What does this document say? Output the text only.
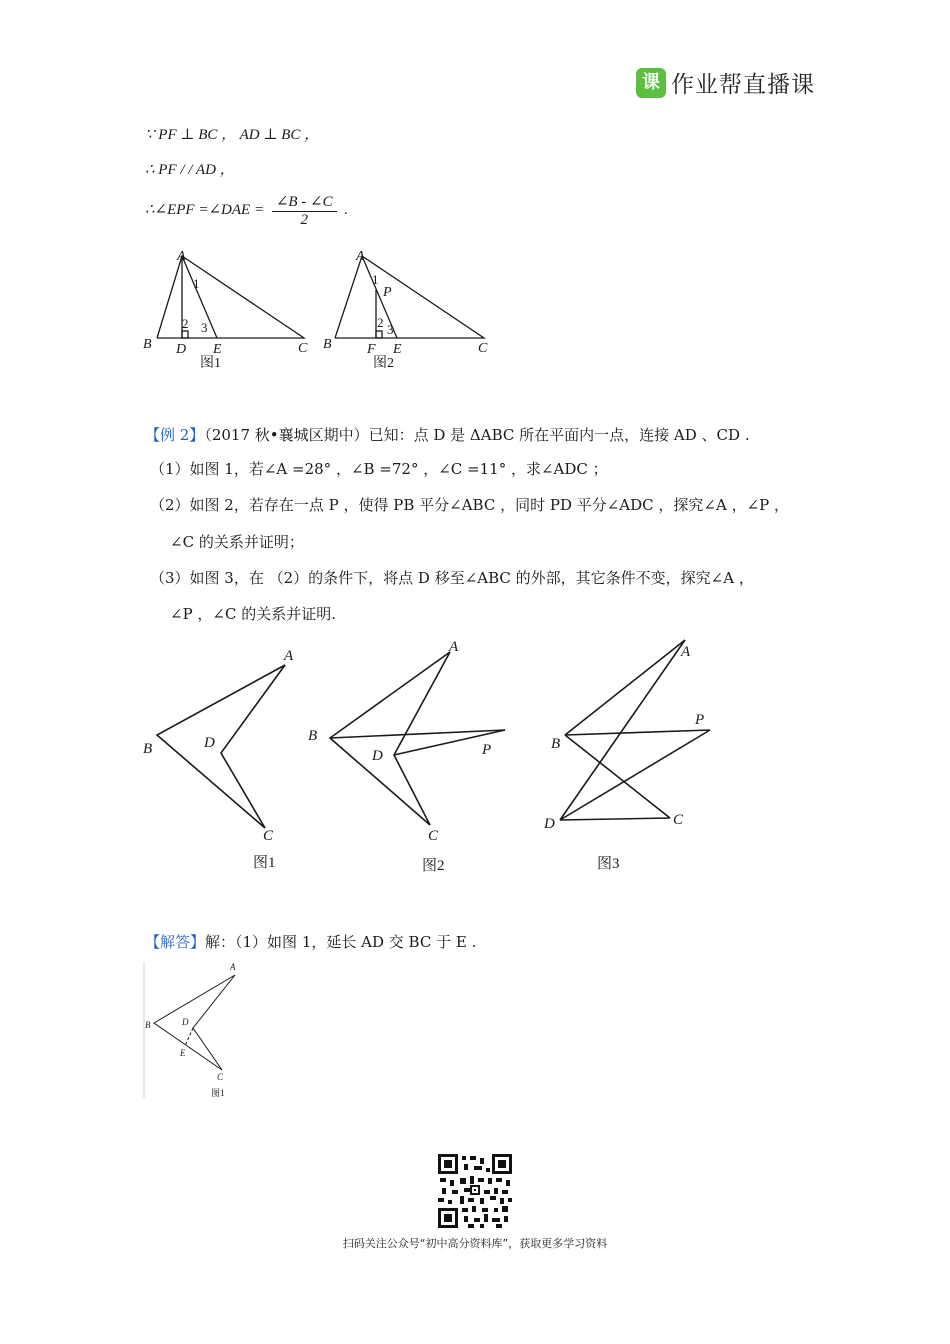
课 作业帮直播课
∵ PF ⊥ BC ， AD ⊥ BC ，
∴ PF / / AD ，
∴∠EPF =∠DAE = $\frac{\angle B - \angle C}{2}$ .
A
B	C
D E
A
B	C
F E
P
1
2 3
1
2 3
图1	图2
【例 2】（2017 秋•襄城区期中）已知：点 D 是 ΔABC 所在平面内一点，连接 AD 、CD .
（1）如图 1，若∠A =28° ，∠B =72° ，∠C =11° ，求∠ADC ；
（2）如图 2，若存在一点 P ，使得 PB 平分∠ABC ，同时 PD 平分∠ADC ，探究∠A ，∠P ，
∠C 的关系并证明；
（3）如图 3，在 （2）的条件下，将点 D 移至∠ABC 的外部，其它条件不变，探究∠A ，
∠P ，∠C 的关系并证明.
A
B
C
D
A
B
C
D	P
A
B
C
D
P
图1	图2	图3
【解答】解：（1）如图 1，延长 AD 交 BC 于 E .
A
B
C
D
E
图1
扫码关注公众号“初中高分资料库”，获取更多学习资料
